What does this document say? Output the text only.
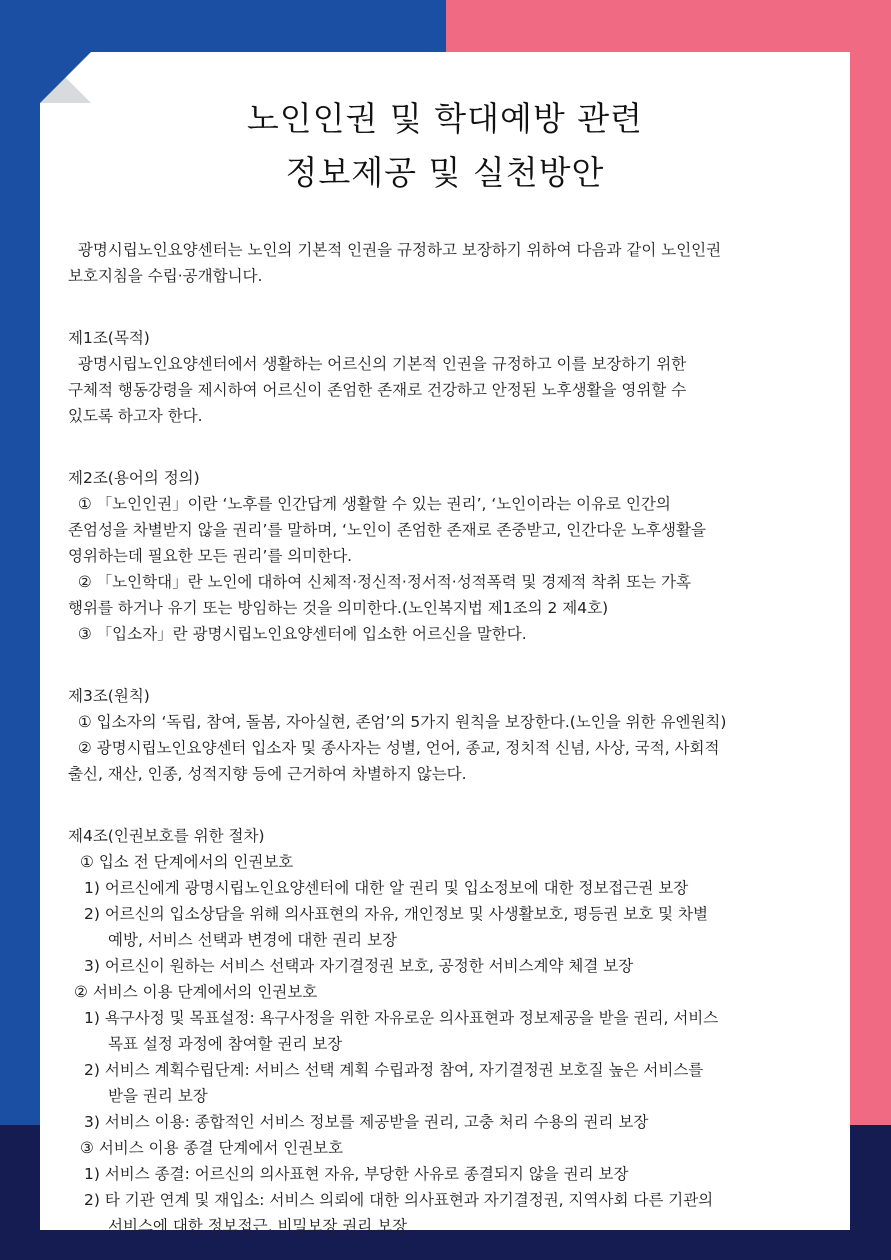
노인인권 및 학대예방 관련
정보제공 및 실천방안
광명시립노인요양센터는 노인의 기본적 인권을 규정하고 보장하기 위하여 다음과 같이 노인인권
보호지침을 수립·공개합니다.
제1조(목적)
광명시립노인요양센터에서 생활하는 어르신의 기본적 인권을 규정하고 이를 보장하기 위한
구체적 행동강령을 제시하여 어르신이 존엄한 존재로 건강하고 안정된 노후생활을 영위할 수
있도록 하고자 한다.
제2조(용어의 정의)
① 「노인인권」이란 ‘노후를 인간답게 생활할 수 있는 권리’, ‘노인이라는 이유로 인간의
존엄성을 차별받지 않을 권리’를 말하며, ‘노인이 존엄한 존재로 존중받고, 인간다운 노후생활을
영위하는데 필요한 모든 권리’를 의미한다.
② 「노인학대」란 노인에 대하여 신체적·정신적·정서적·성적폭력 및 경제적 착취 또는 가혹
행위를 하거나 유기 또는 방임하는 것을 의미한다.(노인복지법 제1조의 2 제4호)
③ 「입소자」란 광명시립노인요양센터에 입소한 어르신을 말한다.
제3조(원칙)
① 입소자의 ‘독립, 참여, 돌봄, 자아실현, 존엄’의 5가지 원칙을 보장한다.(노인을 위한 유엔원칙)
② 광명시립노인요양센터 입소자 및 종사자는 성별, 언어, 종교, 정치적 신념, 사상, 국적, 사회적
출신, 재산, 인종, 성적지향 등에 근거하여 차별하지 않는다.
제4조(인권보호를 위한 절차)
① 입소 전 단계에서의 인권보호
1) 어르신에게 광명시립노인요양센터에 대한 알 권리 및 입소정보에 대한 정보접근권 보장
2) 어르신의 입소상담을 위해 의사표현의 자유, 개인정보 및 사생활보호, 평등권 보호 및 차별
예방, 서비스 선택과 변경에 대한 권리 보장
3) 어르신이 원하는 서비스 선택과 자기결정권 보호, 공정한 서비스계약 체결 보장
② 서비스 이용 단계에서의 인권보호
1) 욕구사정 및 목표설정: 욕구사정을 위한 자유로운 의사표현과 정보제공을 받을 권리, 서비스
목표 설정 과정에 참여할 권리 보장
2) 서비스 계획수립단계: 서비스 선택 계획 수립과정 참여, 자기결정권 보호질 높은 서비스를
받을 권리 보장
3) 서비스 이용: 종합적인 서비스 정보를 제공받을 권리, 고충 처리 수용의 권리 보장
③ 서비스 이용 종결 단계에서 인권보호
1) 서비스 종결: 어르신의 의사표현 자유, 부당한 사유로 종결되지 않을 권리 보장
2) 타 기관 연계 및 재입소: 서비스 의뢰에 대한 의사표현과 자기결정권, 지역사회 다른 기관의
서비스에 대한 정보접근, 비밀보장 권리 보장
